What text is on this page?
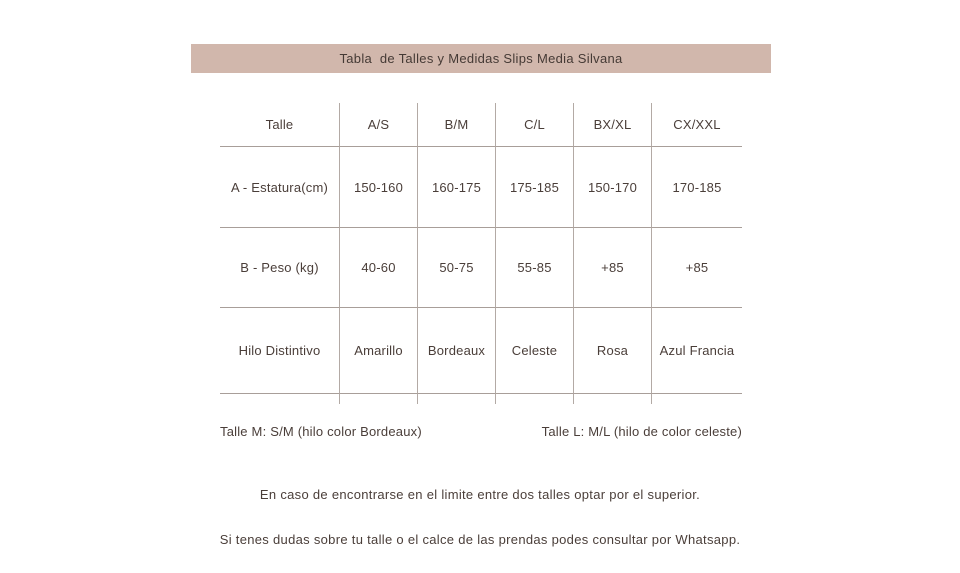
Tabla  de Talles y Medidas Slips Media Silvana
Talle	A/S	B/M	C/L	BX/XL	CX/XXL
A - Estatura(cm)	150-160	160-175	175-185	150-170	170-185
B - Peso (kg)	40-60	50-75	55-85	+85	+85
Hilo Distintivo	Amarillo	Bordeaux	Celeste	Rosa	Azul Francia
Talle M: S/M (hilo color Bordeaux)	Talle L: M/L (hilo de color celeste)
En caso de encontrarse en el limite entre dos talles optar por el superior.
Si tenes dudas sobre tu talle o el calce de las prendas podes consultar por Whatsapp.
